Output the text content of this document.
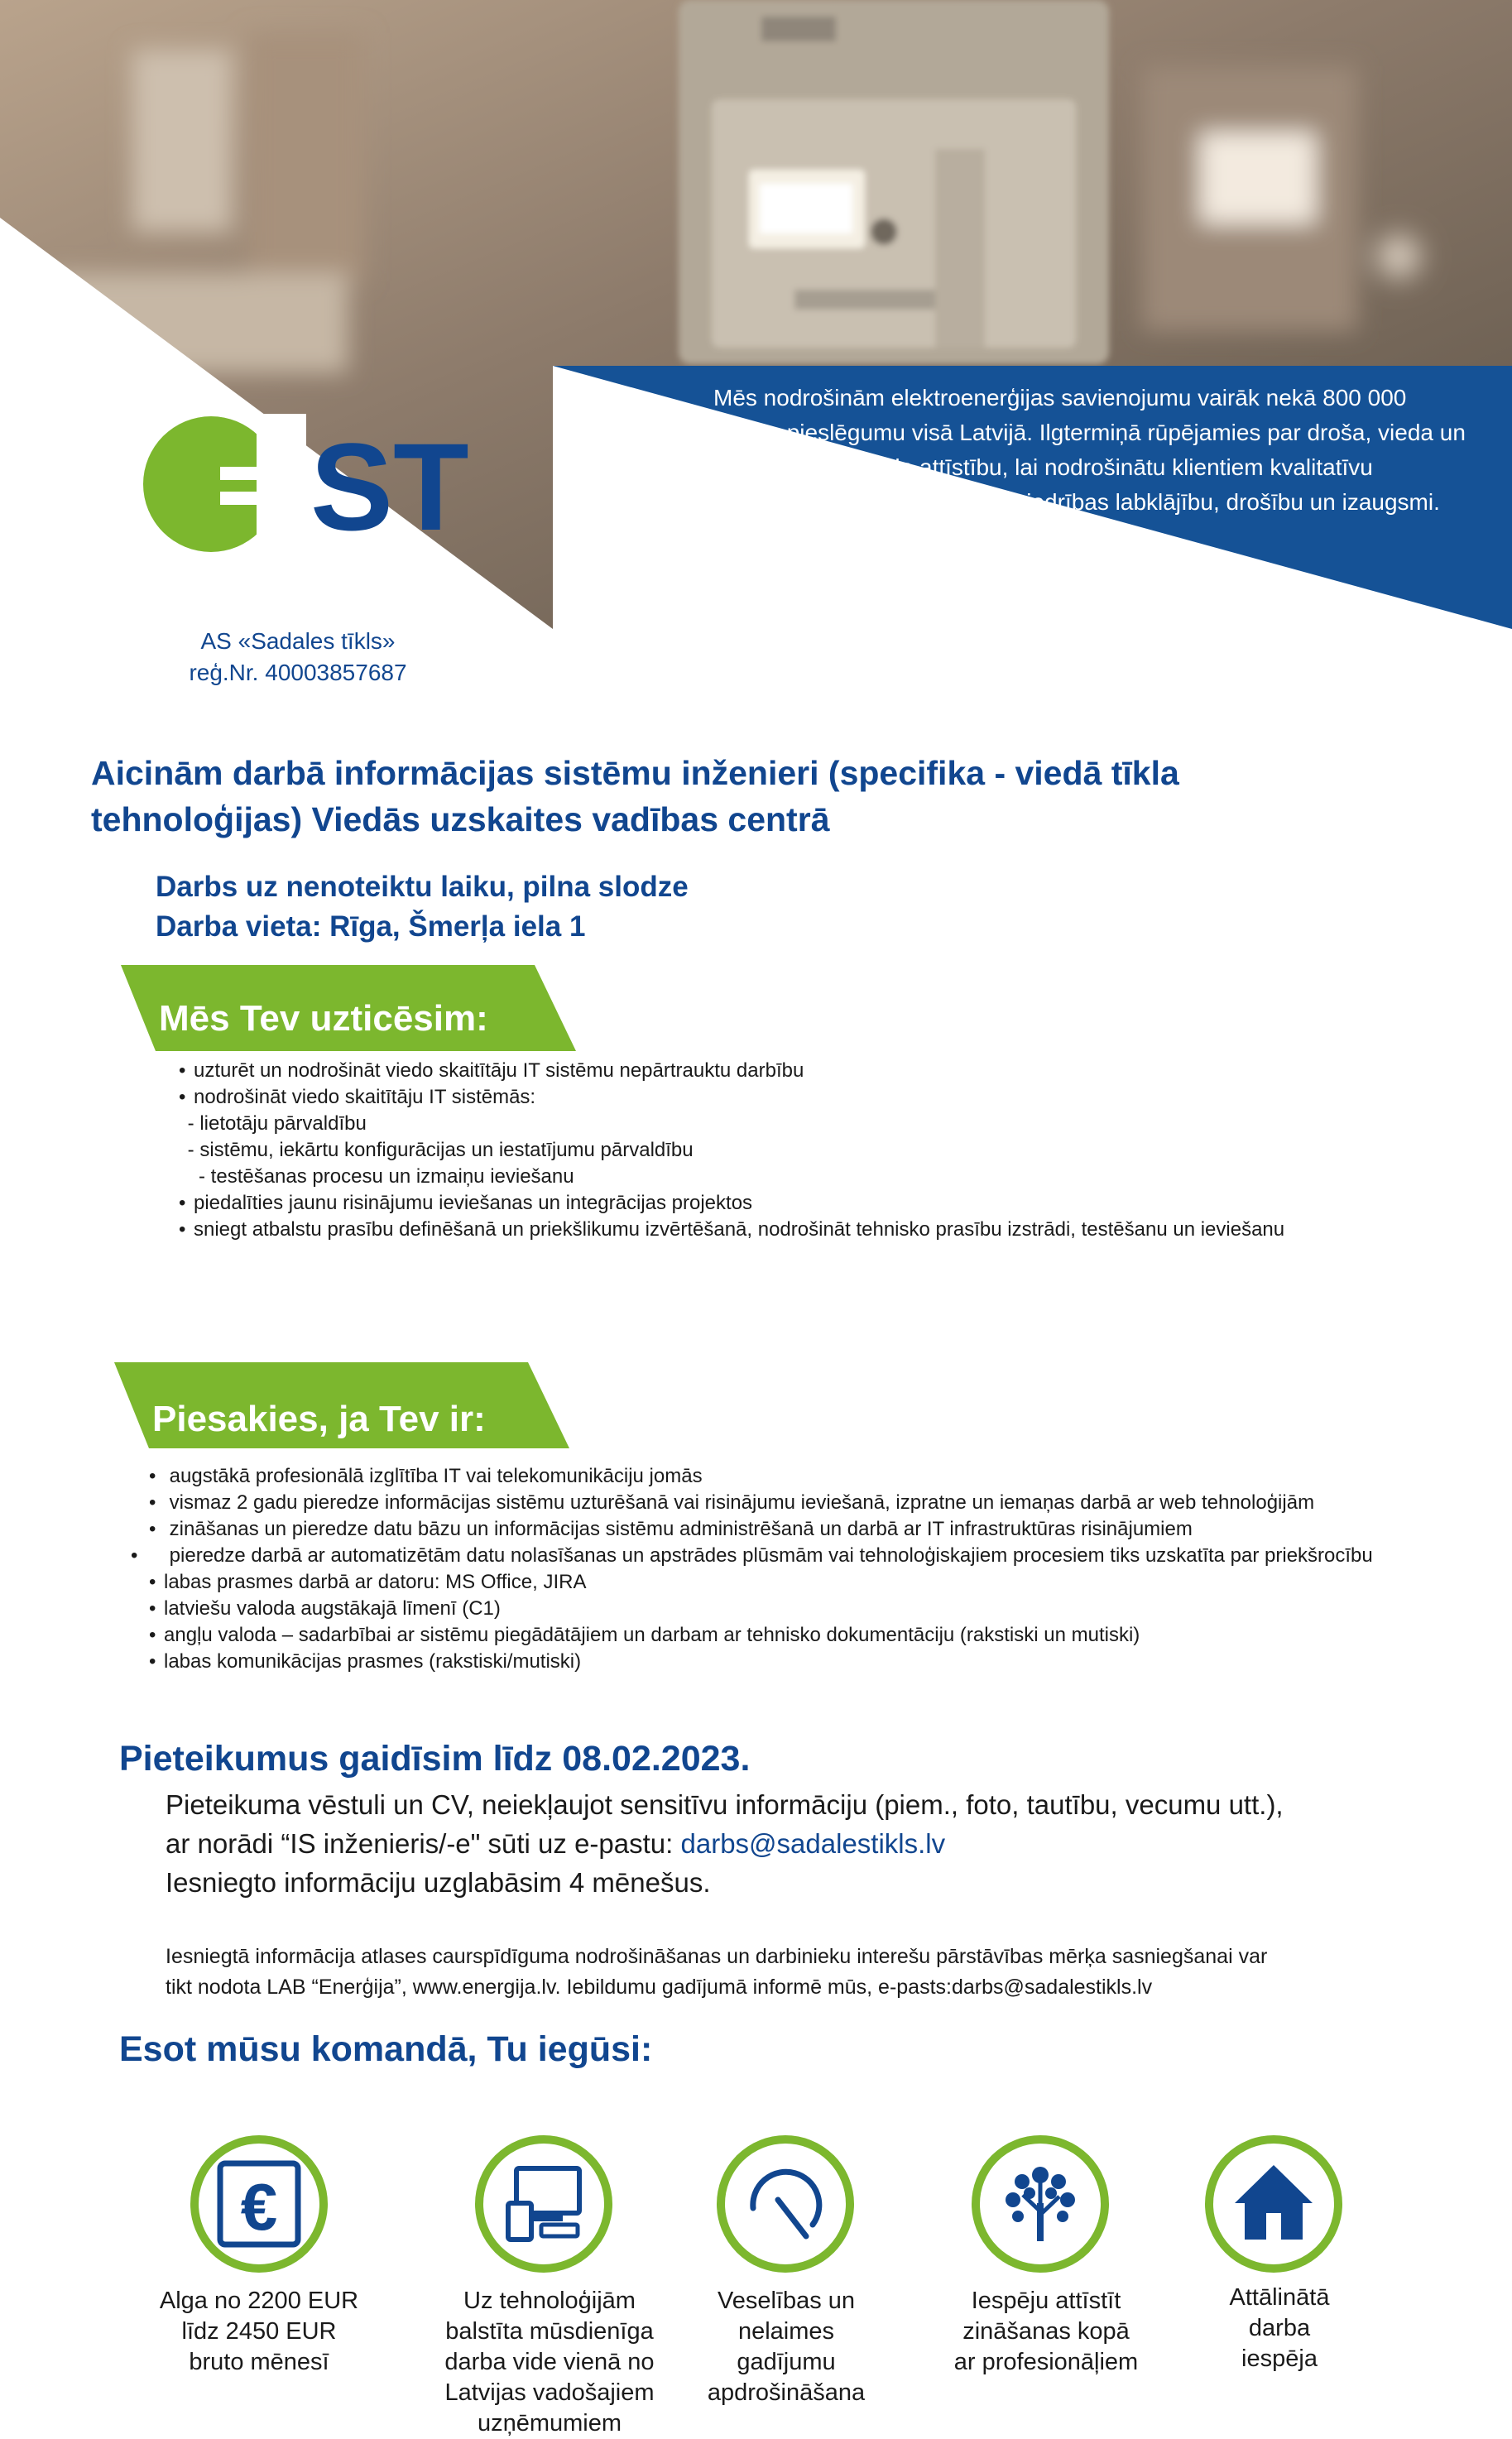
Mēs nodrošinām elektroenerģijas savienojumu vairāk nekā 800 000 klientu pieslēgumu visā Latvijā. Ilgtermiņā rūpējamies par droša, vieda un efektīva elektrotīkla attīstību, lai nodrošinātu klientiem kvalitatīvu elektroapgādi un veicinātu sabiedrības labklājību, drošību un izaugsmi.
ST
AS «Sadales tīkls»
reģ.Nr. 40003857687
Aicinām darbā informācijas sistēmu inženieri (specifika - viedā tīkla
tehnoloģijas) Viedās uzskaites vadības centrā
Darbs uz nenoteiktu laiku, pilna slodze
Darba vieta: Rīga, Šmerļa iela 1
Mēs Tev uzticēsim:
• uzturēt un nodrošināt viedo skaitītāju IT sistēmu nepārtrauktu darbību
• nodrošināt viedo skaitītāju IT sistēmās:
- lietotāju pārvaldību
- sistēmu, iekārtu konfigurācijas un iestatījumu pārvaldību
- testēšanas procesu un izmaiņu ieviešanu
• piedalīties jaunu risinājumu ieviešanas un integrācijas projektos
• sniegt atbalstu prasību definēšanā un priekšlikumu izvērtēšanā, nodrošināt tehnisko prasību izstrādi, testēšanu un ieviešanu
Piesakies, ja Tev ir:
• augstākā profesionālā izglītība IT vai telekomunikāciju jomās
• vismaz 2 gadu pieredze informācijas sistēmu uzturēšanā vai risinājumu ieviešanā, izpratne un iemaņas darbā ar web tehnoloģijām
• zināšanas un pieredze datu bāzu un informācijas sistēmu administrēšanā un darbā ar IT infrastruktūras risinājumiem
• pieredze darbā ar automatizētām datu nolasīšanas un apstrādes plūsmām vai tehnoloģiskajiem procesiem tiks uzskatīta par priekšrocību
• labas prasmes darbā ar datoru: MS Office, JIRA
• latviešu valoda augstākajā līmenī (C1)
• angļu valoda – sadarbībai ar sistēmu piegādātājiem un darbam ar tehnisko dokumentāciju (rakstiski un mutiski)
• labas komunikācijas prasmes (rakstiski/mutiski)
Pieteikumus gaidīsim līdz 08.02.2023.
Pieteikuma vēstuli un CV, neiekļaujot sensitīvu informāciju (piem., foto, tautību, vecumu utt.),
ar norādi “IS inženieris/-e" sūti uz e-pastu: darbs@sadalestikls.lv
Iesniegto informāciju uzglabāsim 4 mēnešus.
Iesniegtā informācija atlases caurspīdīguma nodrošināšanas un darbinieku interešu pārstāvības mērķa sasniegšanai var
tikt nodota LAB “Enerģija”, www.energija.lv. Iebildumu gadījumā informē mūs, e-pasts:darbs@sadalestikls.lv
Esot mūsu komandā, Tu iegūsi:
€
Alga no 2200 EUR
līdz 2450 EUR
bruto mēnesī
Uz tehnoloģijām
balstīta mūsdienīga
darba vide vienā no
Latvijas vadošajiem
uzņēmumiem
Veselības un
nelaimes
gadījumu
apdrošināšana
Iespēju attīstīt
zināšanas kopā
ar profesionāļiem
Attālinātā
darba
iespēja
